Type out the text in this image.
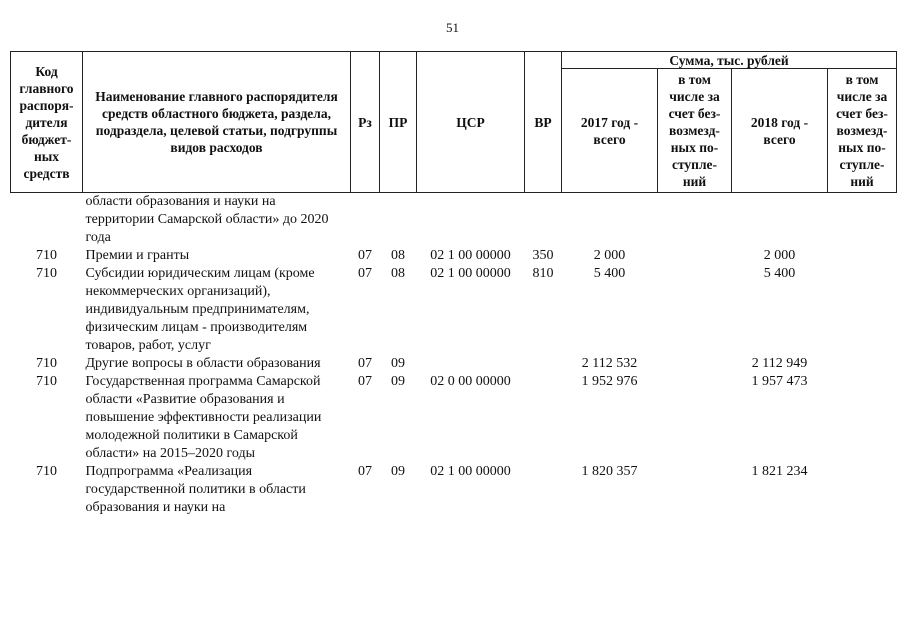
51
Код главного распоря-дителя бюджет-ных средств	Наименование главного распорядителя средств областного бюджета, раздела, подраздела, целевой статьи, подгруппы видов расходов	Рз	ПР	ЦСР	ВР	Сумма, тыс. рублей			
						2017 год - всего	в том числе за счет без-возмезд-ных по-ступле-ний	2018 год - всего	в том числе за счет без-возмезд-ных по-ступле-ний
	области образования и науки на территории Самарской области» до 2020 года								
710	Премии и гранты	07	08	02 1 00 00000	350	2 000		2 000	
710	Субсидии юридическим лицам (кроме некоммерческих организаций), индивидуальным предпринимателям, физическим лицам - производителям товаров, работ, услуг	07	08	02 1 00 00000	810	5 400		5 400	
710	Другие вопросы в области образования	07	09			2 112 532		2 112 949	
710	Государственная программа Самарской области «Развитие образования и повышение эффективности реализации молодежной политики в Самарской области» на 2015–2020 годы	07	09	02 0 00 00000		1 952 976		1 957 473	
710	Подпрограмма «Реализация государственной политики в области образования и науки на	07	09	02 1 00 00000		1 820 357		1 821 234	
